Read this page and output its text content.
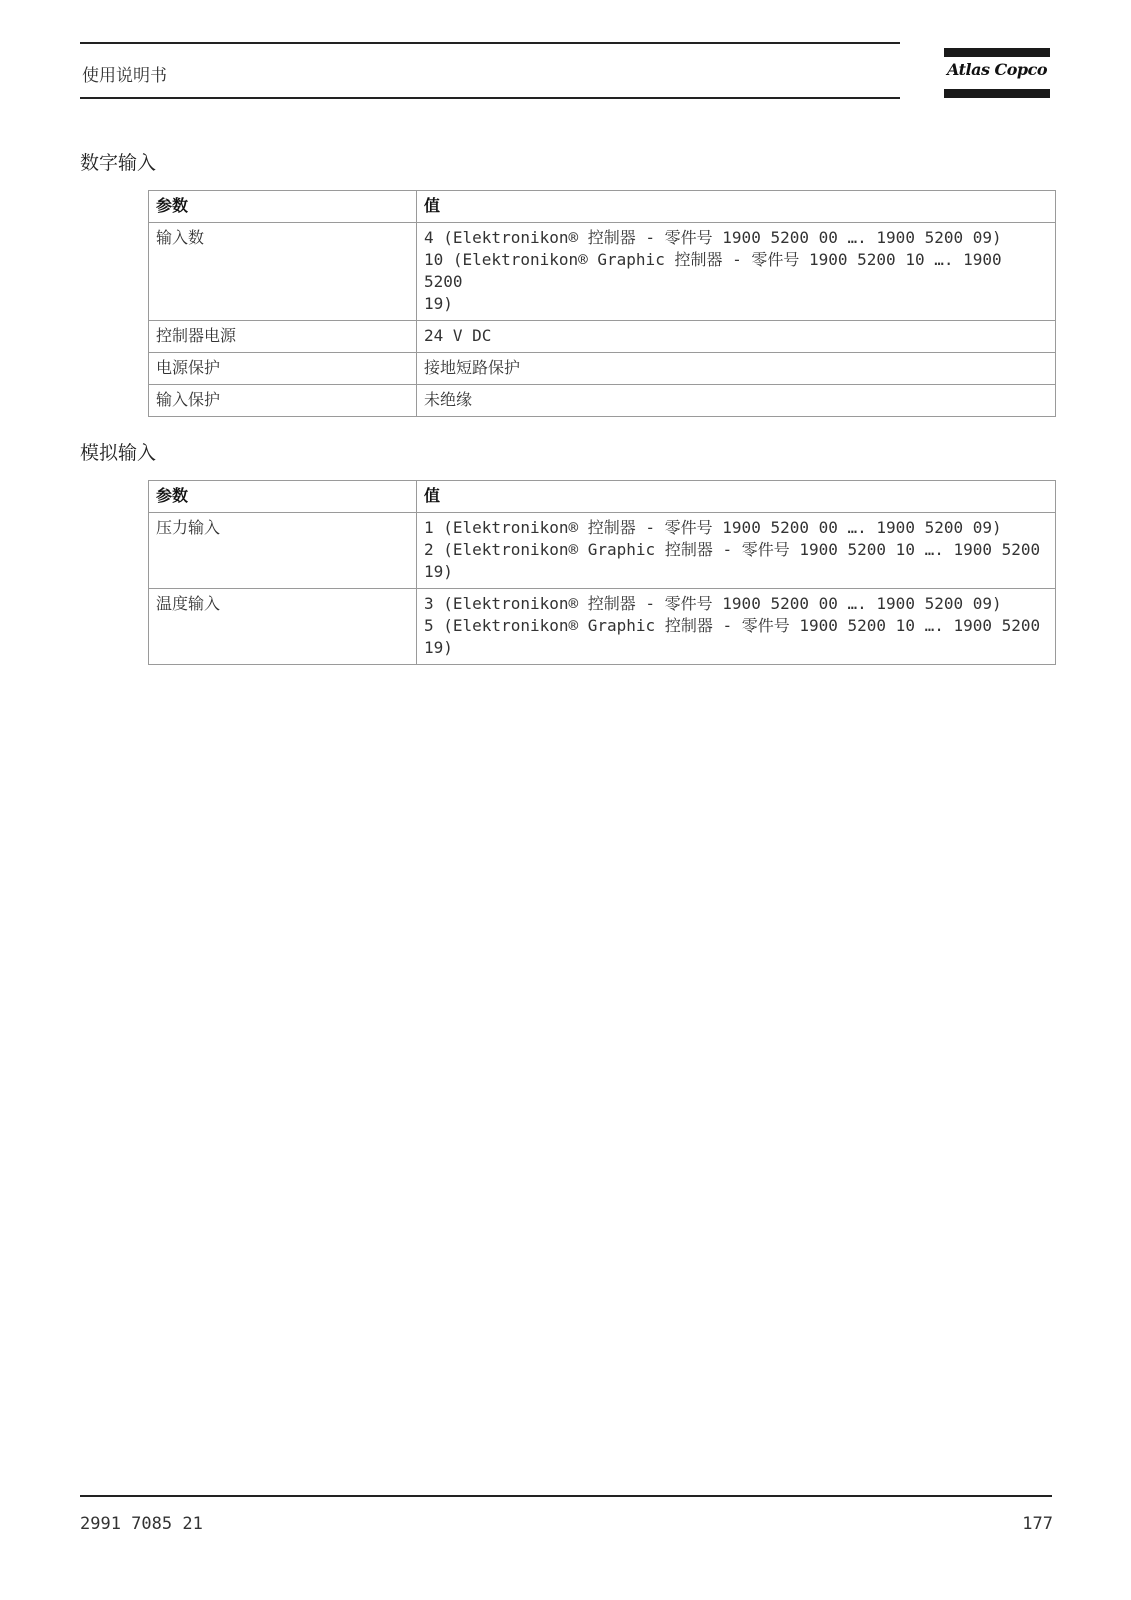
使用说明书	Atlas Copco
数字输入
参数	值
输入数	4 (Elektronikon® 控制器 - 零件号 1900 5200 00 …. 1900 5200 09)
10 (Elektronikon® Graphic 控制器 - 零件号 1900 5200 10 …. 1900 5200
19)

控制器电源	24 V DC
电源保护	接地短路保护
输入保护	未绝缘
模拟输入
参数	值
压力输入	1 (Elektronikon® 控制器 - 零件号 1900 5200 00 …. 1900 5200 09)
2 (Elektronikon® Graphic 控制器 - 零件号 1900 5200 10 …. 1900 5200
19)

温度输入	3 (Elektronikon® 控制器 - 零件号 1900 5200 00 …. 1900 5200 09)
5 (Elektronikon® Graphic 控制器 - 零件号 1900 5200 10 …. 1900 5200
19)
2991 7085 21	177
